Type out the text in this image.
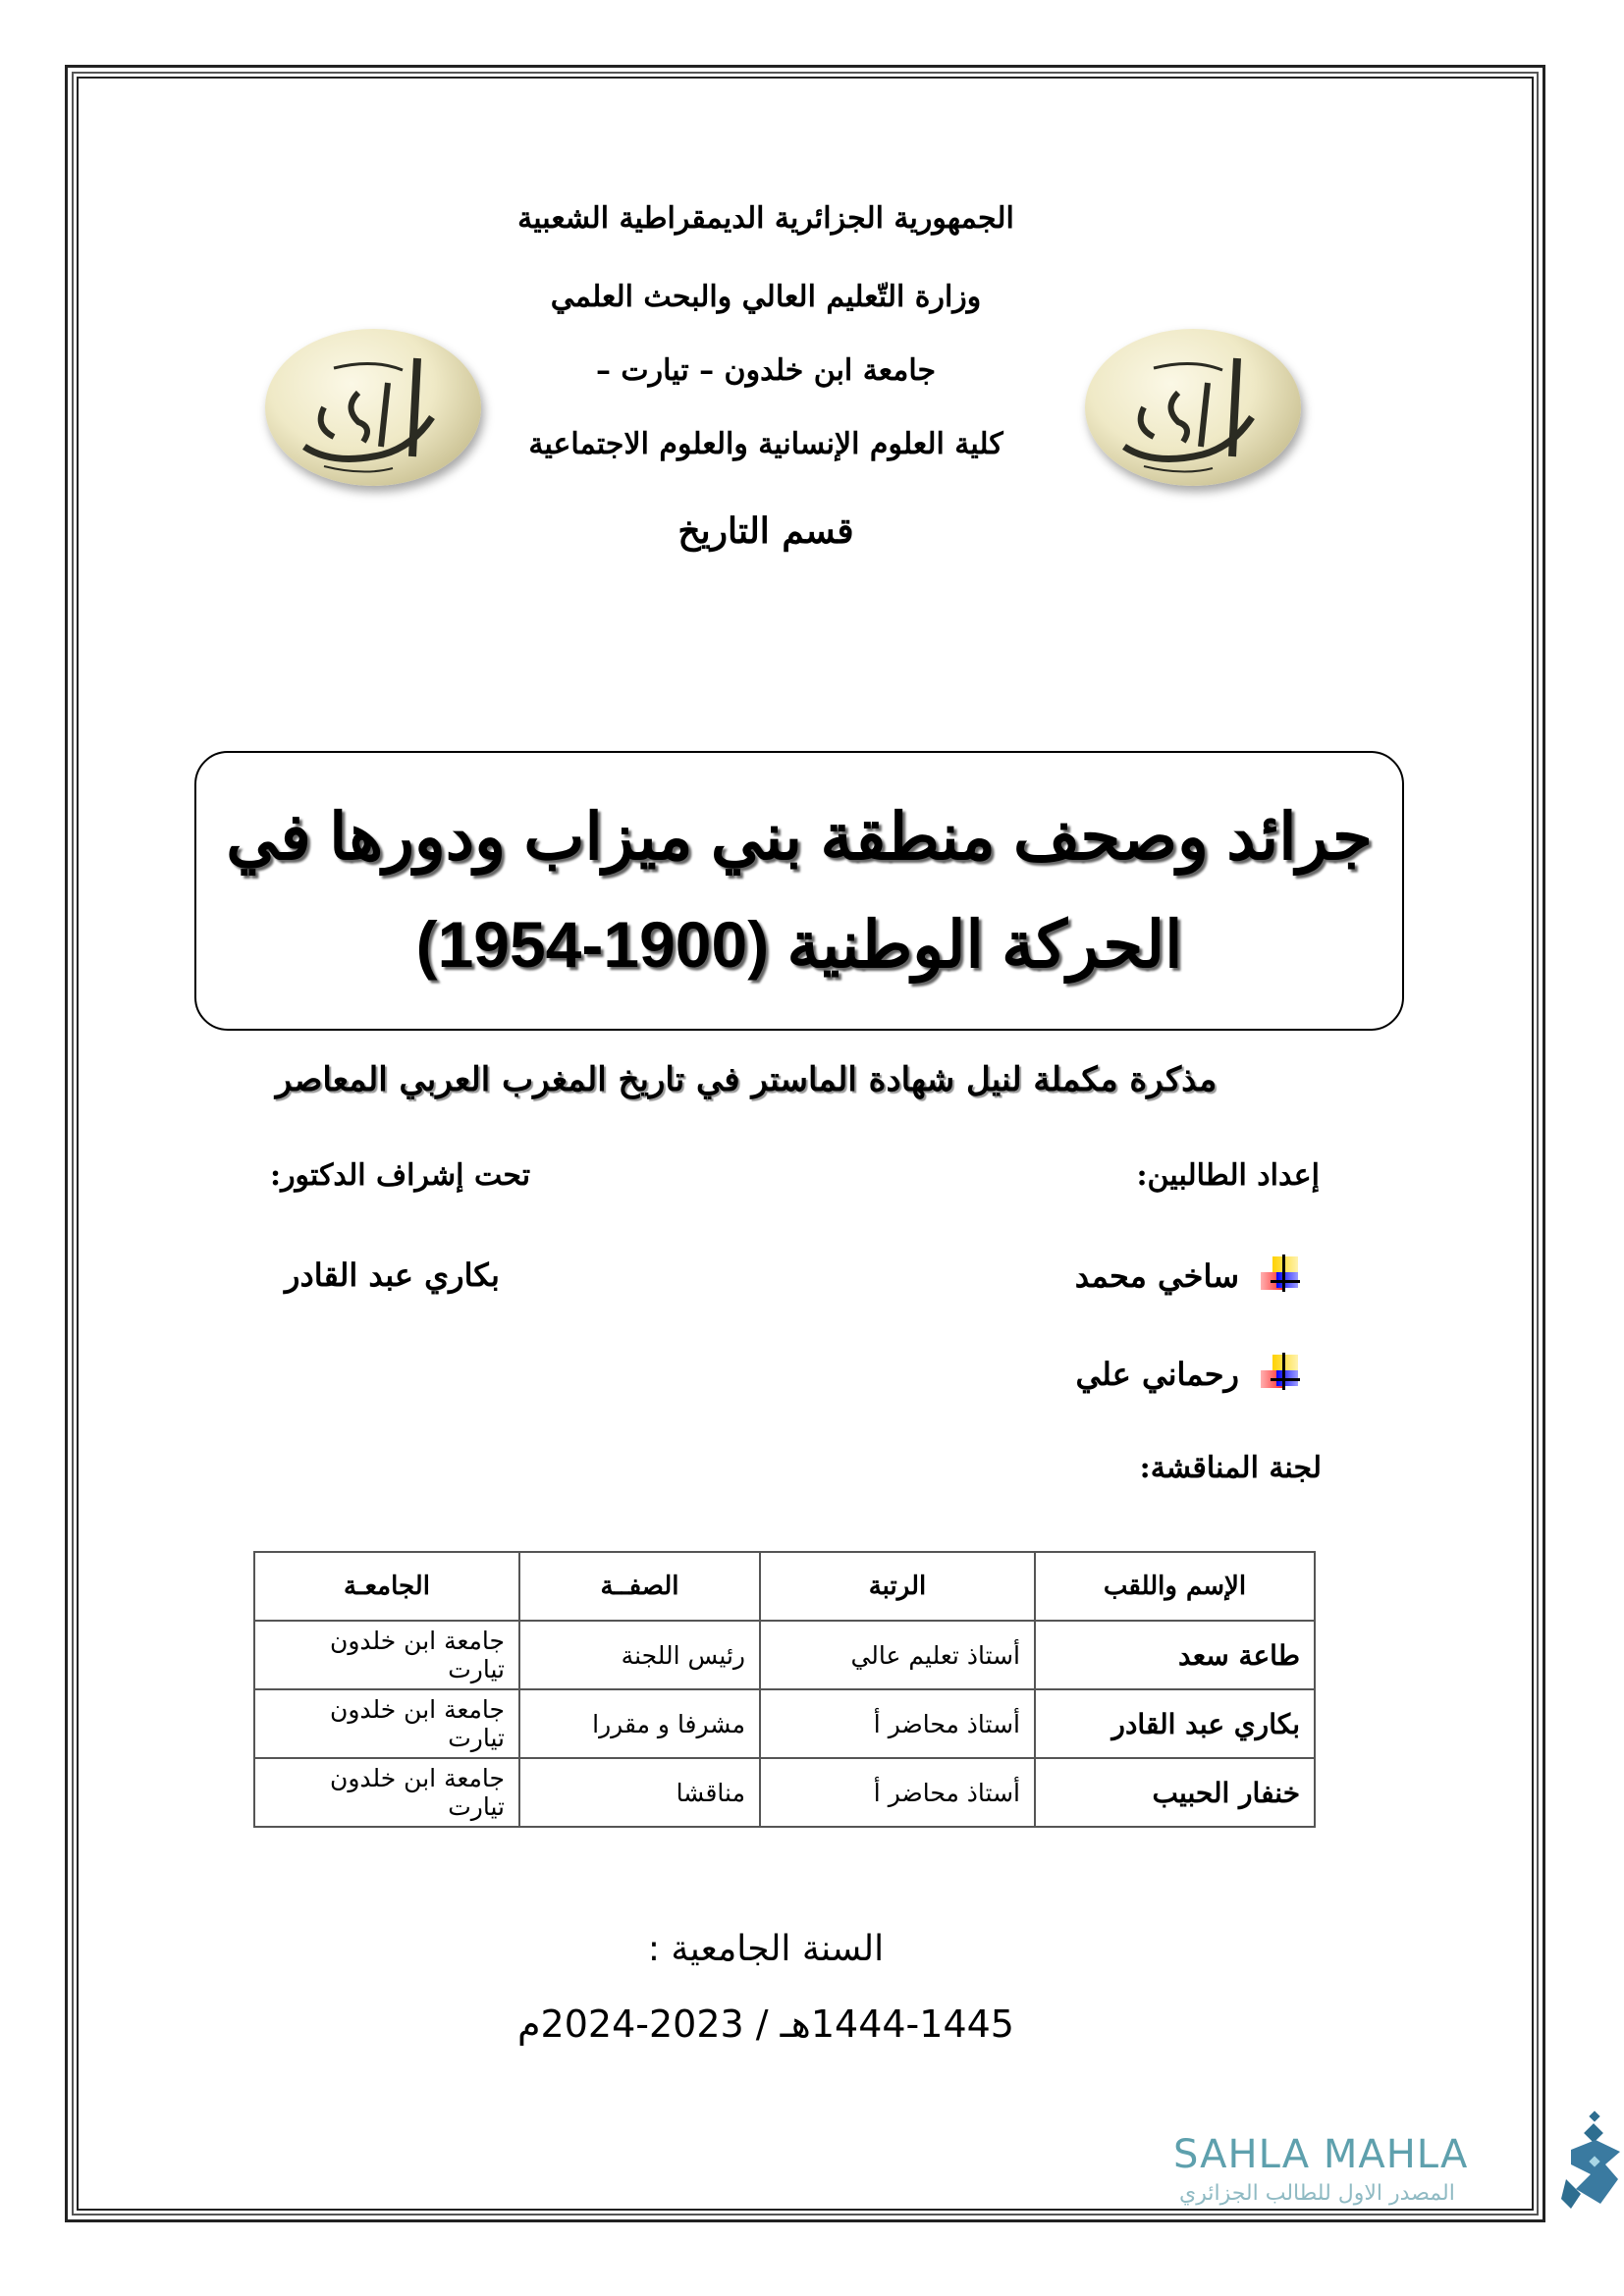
الجمهورية الجزائرية الديمقراطية الشعبية
وزارة التّعليم العالي والبحث العلمي
جامعة ابن خلدون – تيارت –
كلية العلوم الإنسانية والعلوم الاجتماعية
قسم التاريخ
جرائد وصحف منطقة بني ميزاب ودورها في
الحركة الوطنية (1900-1954)
مذكرة مكملة لنيل شهادة الماستر في تاريخ المغرب العربي المعاصر
إعداد الطالبين:
تحت إشراف الدكتور:
ساخي محمد
رحماني علي
بكاري عبد القادر
لجنة المناقشة:
الإسم واللقب	الرتبة	الصفــة	الجامعـة
طاعة سعد	أستاذ تعليم عالي	رئيس اللجنة	جامعة ابن خلدون تيارت
بكاري عبد القادر	أستاذ محاضر أ	مشرفا و مقررا	جامعة ابن خلدون تيارت
خنفار الحبيب	أستاذ محاضر أ	مناقشا	جامعة ابن خلدون تيارت
السنة الجامعية :
1444-1445هـ / 2023-2024م
SAHLA MAHLA
المصدر الاول للطالب الجزائري
